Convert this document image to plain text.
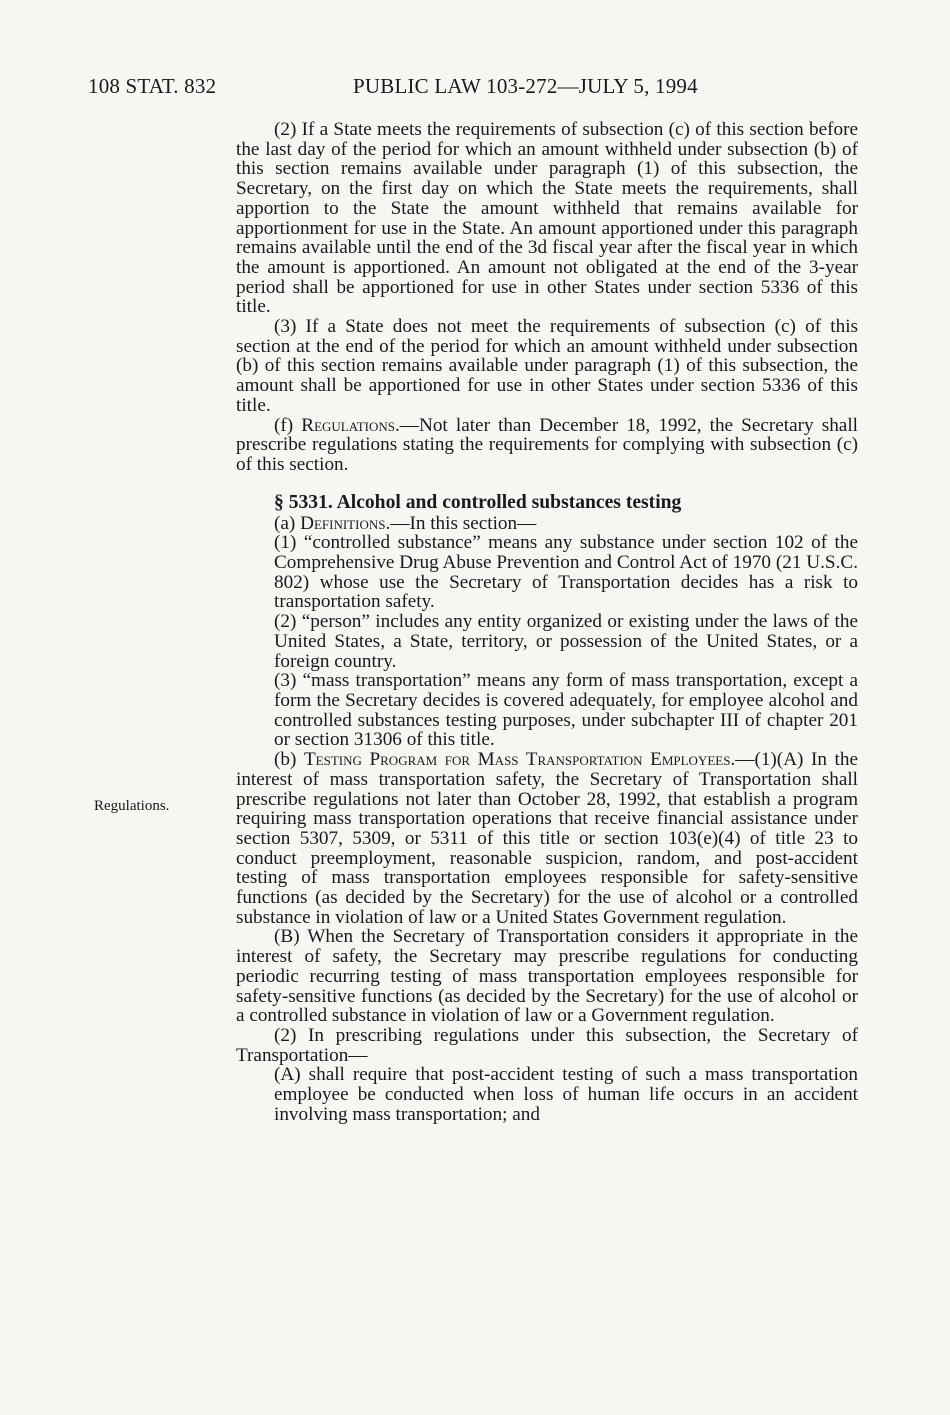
108 STAT. 832	PUBLIC LAW 103-272—JULY 5, 1994
Regulations.

(2) If a State meets the requirements of subsection (c) of this section before the last day of the period for which an amount withheld under subsection (b) of this section remains available under paragraph (1) of this subsection, the Secretary, on the first day on which the State meets the requirements, shall apportion to the State the amount withheld that remains available for apportionment for use in the State. An amount apportioned under this paragraph remains available until the end of the 3d fiscal year after the fiscal year in which the amount is apportioned. An amount not obligated at the end of the 3-year period shall be apportioned for use in other States under section 5336 of this title.

(3) If a State does not meet the requirements of subsection (c) of this section at the end of the period for which an amount withheld under subsection (b) of this section remains available under paragraph (1) of this subsection, the amount shall be apportioned for use in other States under section 5336 of this title.

(f) Regulations.—Not later than December 18, 1992, the Secretary shall prescribe regulations stating the requirements for complying with subsection (c) of this section.

§ 5331. Alcohol and controlled substances testing

(a) Definitions.—In this section—

(1) “controlled substance” means any substance under section 102 of the Comprehensive Drug Abuse Prevention and Control Act of 1970 (21 U.S.C. 802) whose use the Secretary of Transportation decides has a risk to transportation safety.

(2) “person” includes any entity organized or existing under the laws of the United States, a State, territory, or possession of the United States, or a foreign country.

(3) “mass transportation” means any form of mass transportation, except a form the Secretary decides is covered adequately, for employee alcohol and controlled substances testing purposes, under subchapter III of chapter 201 or section 31306 of this title.

(b) Testing Program for Mass Transportation Employees.—(1)(A) In the interest of mass transportation safety, the Secretary of Transportation shall prescribe regulations not later than October 28, 1992, that establish a program requiring mass transportation operations that receive financial assistance under section 5307, 5309, or 5311 of this title or section 103(e)(4) of title 23 to conduct preemployment, reasonable suspicion, random, and post-accident testing of mass transportation employees responsible for safety-sensitive functions (as decided by the Secretary) for the use of alcohol or a controlled substance in violation of law or a United States Government regulation.

(B) When the Secretary of Transportation considers it appropriate in the interest of safety, the Secretary may prescribe regulations for conducting periodic recurring testing of mass transportation employees responsible for safety-sensitive functions (as decided by the Secretary) for the use of alcohol or a controlled substance in violation of law or a Government regulation.

(2) In prescribing regulations under this subsection, the Secretary of Transportation—

(A) shall require that post-accident testing of such a mass transportation employee be conducted when loss of human life occurs in an accident involving mass transportation; and
